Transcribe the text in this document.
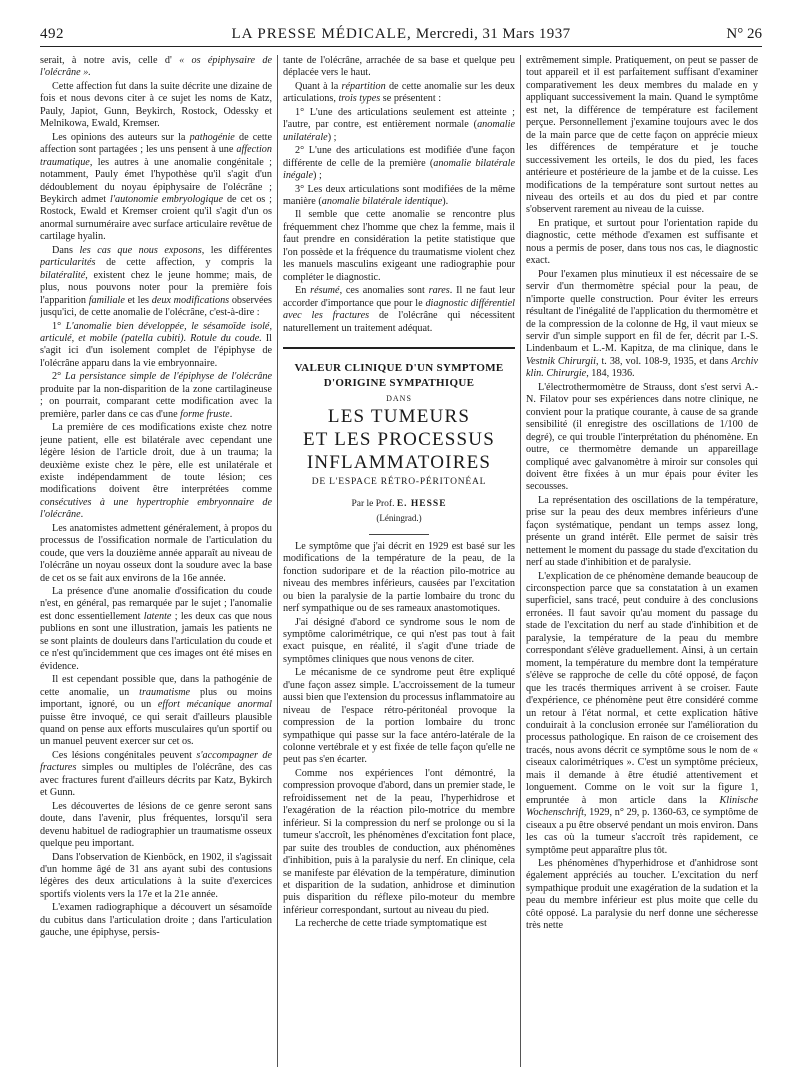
492	LA PRESSE MÉDICALE, Mercredi, 31 Mars 1937	N° 26

serait, à notre avis, celle d' « os épiphysaire de l'olécrâne ».

Cette affection fut dans la suite décrite une dizaine de fois et nous devons citer à ce sujet les noms de Katz, Pauly, Japiot, Gunn, Beykirch, Rostock, Odessky et Melnikowa, Ewald, Kremser.

Les opinions des auteurs sur la pathogénie de cette affection sont partagées ; les uns pensent à une affection traumatique, les autres à une anomalie congénitale ; notamment, Pauly émet l'hypothèse qu'il s'agit d'un dédoublement du noyau épiphysaire de l'olécrâne ; Beykirch admet l'autonomie embryologique de cet os ; Rostock, Ewald et Kremser croient qu'il s'agit d'un os anormal surnuméraire avec surface articulaire revêtue de cartilage hyalin.

Dans les cas que nous exposons, les différentes particularités de cette affection, y compris la bilatéralité, existent chez le jeune homme; mais, de plus, nous pouvons noter pour la première fois l'apparition familiale et les deux modifications observées jusqu'ici, de cette anomalie de l'olécrâne, c'est-à-dire :

1° L'anomalie bien développée, le sésamoïde isolé, articulé, et mobile (patella cubiti). Rotule du coude. Il s'agit ici d'un isolement complet de l'épiphyse de l'olécrâne apparu dans la vie embryonnaire.

2° La persistance simple de l'épiphyse de l'olécrâne produite par la non-disparition de la zone cartilagineuse ; on pourrait, comparant cette modification avec la première, parler dans ce cas d'une forme fruste.

La première de ces modifications existe chez notre jeune patient, elle est bilatérale avec cependant une légère lésion de l'article droit, due à un trauma; la deuxième existe chez le père, elle est unilatérale et existe indépendamment de toute lésion; ces modifications doivent être interprétées comme consécutives à une hypertrophie embryonnaire de l'olécrâne.

Les anatomistes admettent généralement, à propos du processus de l'ossification normale de l'articulation du coude, que vers la douzième année apparaît au niveau de l'olécrâne un noyau osseux dont la soudure avec la base de cet os se fait aux environs de la 16e année.

La présence d'une anomalie d'ossification du coude n'est, en général, pas remarquée par le sujet ; l'anomalie est donc essentiellement latente ; les deux cas que nous publions en sont une illustration, jamais les patients ne se sont plaints de douleurs dans l'articulation du coude et ce n'est qu'incidemment que ces images ont été mises en évidence.

Il est cependant possible que, dans la pathogénie de cette anomalie, un traumatisme plus ou moins important, ignoré, ou un effort mécanique anormal puisse être invoqué, ce qui serait d'ailleurs plausible quand on pense aux efforts musculaires qu'un sportif ou un manuel peuvent exercer sur cet os.

Ces lésions congénitales peuvent s'accompagner de fractures simples ou multiples de l'olécrâne, des cas avec fractures furent d'ailleurs décrits par Katz, Bykirch et Gunn.

Les découvertes de lésions de ce genre seront sans doute, dans l'avenir, plus fréquentes, lorsqu'il sera devenu habituel de radiographier un traumatisme osseux quelque peu important.

Dans l'observation de Kienböck, en 1902, il s'agissait d'un homme âgé de 31 ans ayant subi des contusions légères des deux articulations à la suite d'exercices sportifs violents vers la 17e et la 21e année.

L'examen radiographique a découvert un sésamoïde du cubitus dans l'articulation droite ; dans l'articulation gauche, une épiphyse, persis-

tante de l'olécrâne, arrachée de sa base et quelque peu déplacée vers le haut.

Quant à la répartition de cette anomalie sur les deux articulations, trois types se présentent :

1° L'une des articulations seulement est atteinte ; l'autre, par contre, est entièrement normale (anomalie unilatérale) ;

2° L'une des articulations est modifiée d'une façon différente de celle de la première (anomalie bilatérale inégale) ;

3° Les deux articulations sont modifiées de la même manière (anomalie bilatérale identique).

Il semble que cette anomalie se rencontre plus fréquemment chez l'homme que chez la femme, mais il faut prendre en considération la petite statistique que l'on possède et la fréquence du traumatisme violent chez les manuels masculins exigeant une radiographie pour compléter le diagnostic.

En résumé, ces anomalies sont rares. Il ne faut leur accorder d'importance que pour le diagnostic différentiel avec les fractures de l'olécrâne qui nécessitent naturellement un traitement adéquat.

VALEUR CLINIQUE D'UN SYMPTOME
D'ORIGINE SYMPATHIQUE
DANS
LES TUMEURS
ET LES PROCESSUS
INFLAMMATOIRES
DE L'ESPACE RÉTRO-PÉRITONÉAL
Par le Prof. E. HESSE
(Léningrad.)

Le symptôme que j'ai décrit en 1929 est basé sur les modifications de la température de la peau, de la fonction sudoripare et de la réaction pilo-motrice au niveau des membres inférieurs, causées par l'excitation ou bien la paralysie de la partie lombaire du tronc du nerf sympathique ou de ses rameaux anastomotiques.

J'ai désigné d'abord ce syndrome sous le nom de symptôme calorimétrique, ce qui n'est pas tout à fait exact puisque, en réalité, il s'agit d'une triade de symptômes cliniques que nous venons de citer.

Le mécanisme de ce syndrome peut être expliqué d'une façon assez simple. L'accroissement de la tumeur aussi bien que l'extension du processus inflammatoire au niveau de l'espace rétro-péritonéal provoque la compression de la portion lombaire du tronc sympathique qui passe sur la face antéro-latérale de la colonne vertébrale et y est fixée de telle façon qu'elle ne peut pas s'en écarter.

Comme nos expériences l'ont démontré, la compression provoque d'abord, dans un premier stade, le refroidissement net de la peau, l'hyperhidrose et l'exagération de la réaction pilo-motrice du membre inférieur. Si la compression du nerf se prolonge ou si la tumeur s'accroît, les phénomènes d'excitation font place, par suite des troubles de conduction, aux phénomènes d'inhibition, puis à la paralysie du nerf. En clinique, cela se manifeste par élévation de la température, diminution et disparition de la sudation, anhidrose et diminution puis disparition du réflexe pilo-moteur du membre inférieur correspondant, surtout au niveau du pied.

La recherche de cette triade symptomatique est

extrêmement simple. Pratiquement, on peut se passer de tout appareil et il est parfaitement suffisant d'examiner comparativement les deux membres du malade en y appliquant successivement la main. Quand le symptôme est net, la différence de température est facilement perçue. Personnellement j'examine toujours avec le dos de la main parce que de cette façon on apprécie mieux les différences de température et je touche successivement les orteils, le dos du pied, les faces antérieure et postérieure de la jambe et de la cuisse. Les modifications de la température sont surtout nettes au niveau des orteils et au dos du pied et par contre s'observent rarement au niveau de la cuisse.

En pratique, et surtout pour l'orientation rapide du diagnostic, cette méthode d'examen est suffisante et nous a permis de poser, dans tous nos cas, le diagnostic exact.

Pour l'examen plus minutieux il est nécessaire de se servir d'un thermomètre spécial pour la peau, de n'importe quelle construction. Pour éviter les erreurs résultant de l'inégalité de l'application du thermomètre et de la compression de la colonne de Hg, il vaut mieux se servir d'un simple support en fil de fer, décrit par I.-S. Lindenbaum et L.-M. Kapitza, de ma clinique, dans le Vestnik Chirurgii, t. 38, vol. 108-9, 1935, et dans Archiv klin. Chirurgie, 184, 1936.

L'électrothermomètre de Strauss, dont s'est servi A.-N. Filatov pour ses expériences dans notre clinique, ne convient pour la pratique courante, à cause de sa grande sensibilité (il enregistre des oscillations de 1/100 de degré), ce qui trouble l'interprétation du phénomène. En outre, ce thermomètre demande un appareillage compliqué avec galvanomètre à miroir sur consoles qui doivent être fixées à un mur épais pour éviter les secousses.

La représentation des oscillations de la température, prise sur la peau des deux membres inférieurs d'une façon systématique, pendant un temps assez long, présente un grand intérêt. Elle permet de saisir très nettement le moment du passage du stade d'excitation du nerf au stade d'inhibition et de paralysie.

L'explication de ce phénomène demande beaucoup de circonspection parce que sa constatation à un examen superficiel, sans tracé, peut conduire à des conclusions erronées. Il faut savoir qu'au moment du passage du stade de l'excitation du nerf au stade d'inhibition et de paralysie, la température de la peau du membre correspondant s'élève graduellement. Ainsi, à un certain moment, la température du membre dont la température s'élève se rapproche de celle du côté opposé, de façon que les tracés thermiques arrivent à se croiser. Faute d'expérience, ce phénomène peut être considéré comme un retour à l'état normal, et cette explication hâtive conduirait à la conclusion erronée sur l'amélioration du processus pathologique. En raison de ce croisement des tracés, nous avons décrit ce symptôme sous le nom de « ciseaux calorimétriques ». C'est un symptôme précieux, mais il demande à être étudié attentivement et longuement. Comme on le voit sur la figure 1, empruntée à mon article dans la Klinische Wochenschrift, 1929, n° 29, p. 1360-63, ce symptôme de ciseaux a pu être observé pendant un mois environ. Dans les cas où la tumeur s'accroît très rapidement, ce symptôme peut apparaître plus tôt.

Les phénomènes d'hyperhidrose et d'anhidrose sont également appréciés au toucher. L'excitation du nerf sympathique produit une exagération de la sudation et la peau du membre inférieur est plus moite que celle du côté opposé. La paralysie du nerf donne une sécheresse très nette
